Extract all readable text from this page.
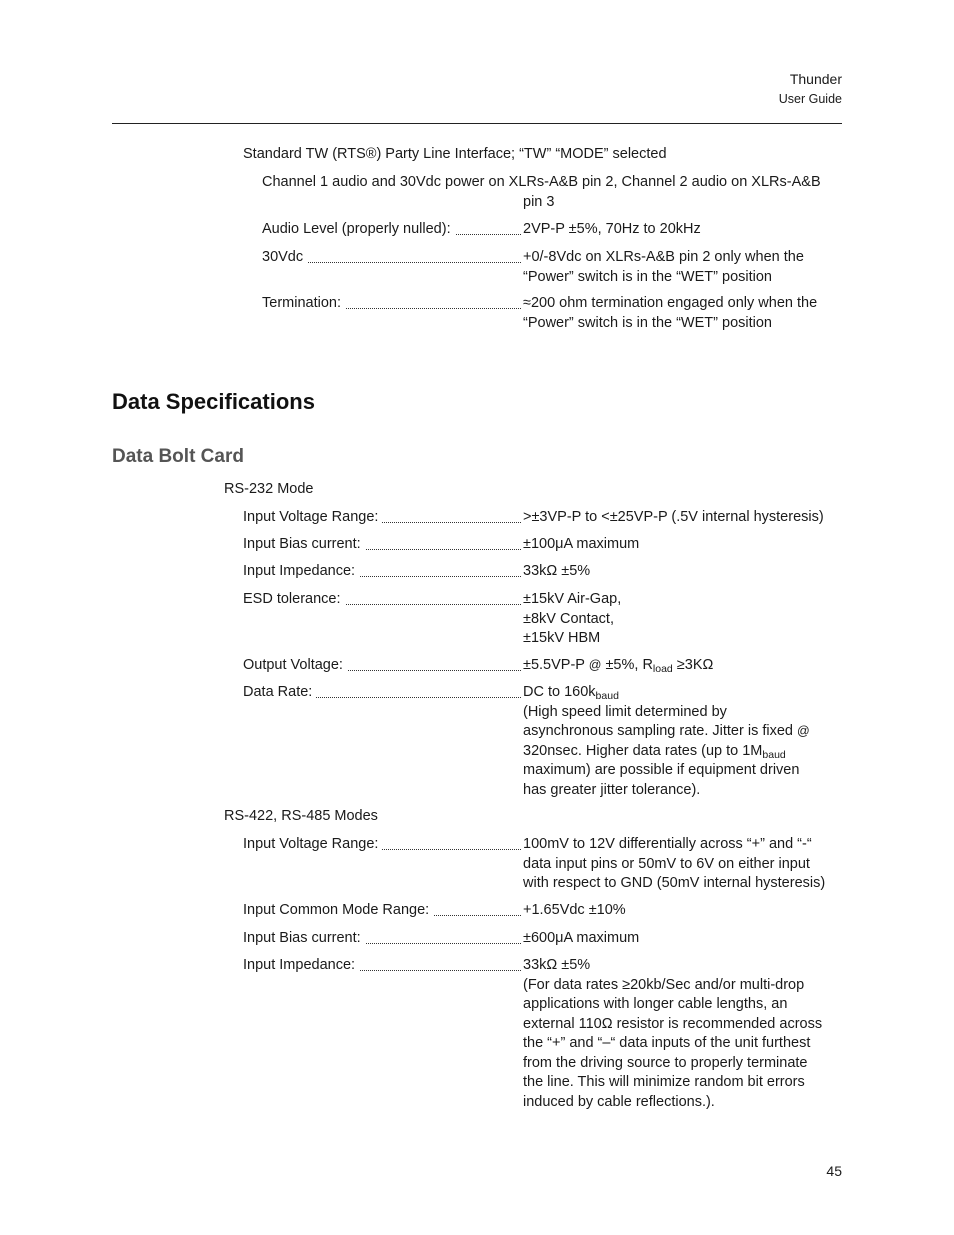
Thunder
User Guide
Standard TW (RTS®) Party Line Interface; “TW” “MODE” selected
Channel 1 audio and 30Vdc power on XLRs-A&B pin 2, Channel 2 audio on XLRs-A&B
pin 3
Audio Level (properly nulled):	2VP-P ±5%, 70Hz to 20kHz
30Vdc	+0/-8Vdc on XLRs-A&B pin 2 only when the
“Power” switch is in the “WET” position
Termination:	≈200 ohm termination engaged only when the
“Power” switch is in the “WET” position
Data Specifications
Data Bolt Card
RS-232 Mode
Input Voltage Range:	>±3VP-P to <±25VP-P (.5V internal hysteresis)
Input Bias current:	±100μA maximum
Input Impedance:	33kΩ ±5%
ESD tolerance:	±15kV Air-Gap,
±8kV Contact,
±15kV HBM
Output Voltage:	±5.5VP-P @ ±5%, $R_{load} \ge 3K\Omega$
Data Rate:	DC to $160k_{baud}$
(High speed limit determined by
asynchronous sampling rate. Jitter is fixed @
320nsec. Higher data rates (up to $1M_{baud}$
maximum) are possible if equipment driven
has greater jitter tolerance).
RS-422, RS-485 Modes
Input Voltage Range:	100mV to 12V differentially across “+” and “-“
data input pins or 50mV to 6V on either input
with respect to GND (50mV internal hysteresis)
Input Common Mode Range:	+1.65Vdc ±10%
Input Bias current:	±600μA maximum
Input Impedance:	33kΩ ±5%
(For data rates ≥20kb/Sec and/or multi-drop
applications with longer cable lengths, an
external 110Ω resistor is recommended across
the “+” and “–“ data inputs of the unit furthest
from the driving source to properly terminate
the line. This will minimize random bit errors
induced by cable reflections.).
45
